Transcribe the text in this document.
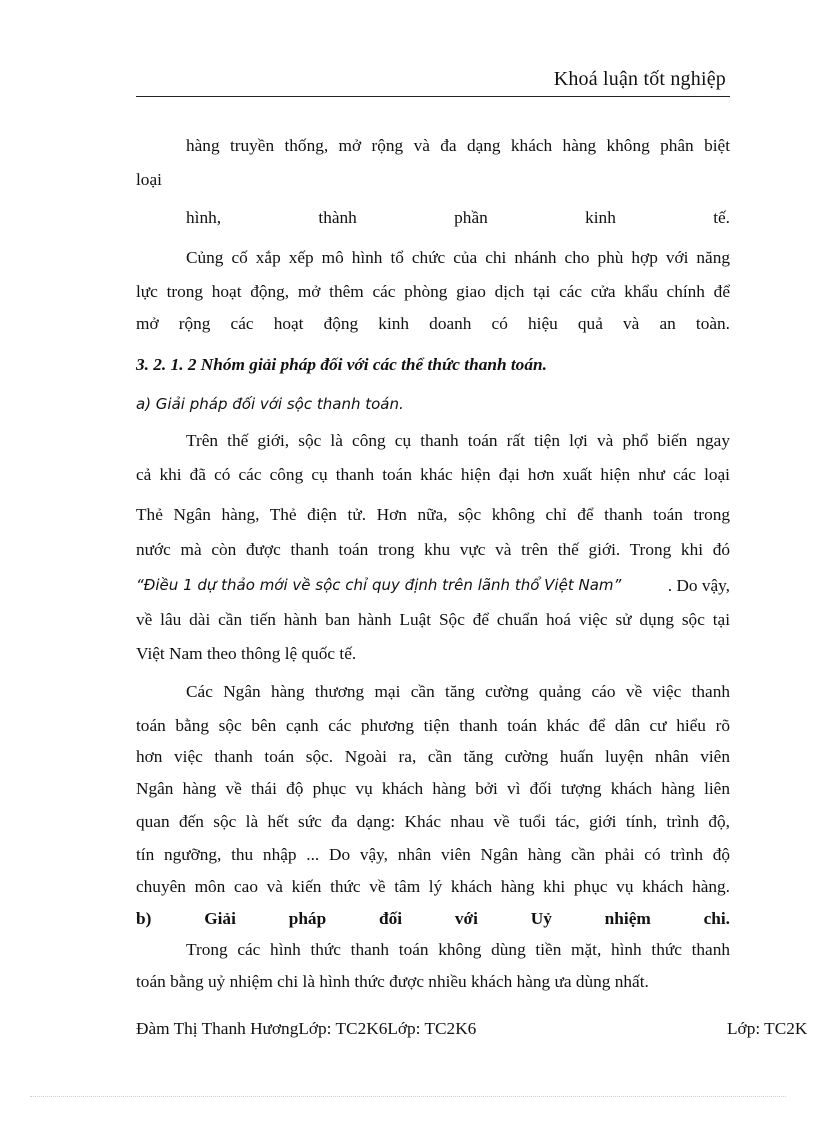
Khoá luận tốt nghiệp
hàng truyền thống, mở rộng và đa dạng khách hàng không phân biệt
loại
hình, thành phần kinh tế.
Củng cố xắp xếp mô hình tổ chức của chi nhánh cho phù hợp với năng
lực trong hoạt động, mở thêm các phòng giao dịch tại các cửa khẩu chính để
mở rộng các hoạt động kinh doanh có hiệu quả và an toàn.
3. 2. 1. 2 Nhóm giải pháp đối với các thể thức thanh toán.
a) Giải pháp đối với sộc thanh toán.
Trên thế giới, sộc là công cụ thanh toán rất tiện lợi và phổ biến ngay
cả khi đã có các công cụ thanh toán khác hiện đại hơn xuất hiện như các loại
Thẻ Ngân hàng, Thẻ điện tử. Hơn nữa, sộc không chỉ để thanh toán trong
nước mà còn được thanh toán trong khu vực và trên thế giới. Trong khi đó
“Điều 1 dự thảo mới về sộc chỉ quy định trên lãnh thổ Việt Nam”	. Do vậy,
về lâu dài cần tiến hành ban hành Luật Sộc để chuẩn hoá việc sử dụng sộc tại
Việt Nam theo thông lệ quốc tế.
Các Ngân hàng thương mại cần tăng cường quảng cáo về việc thanh
toán bằng sộc bên cạnh các phương tiện thanh toán khác để dân cư hiểu rõ
hơn việc thanh toán sộc. Ngoài ra, cần tăng cường huấn luyện nhân viên
Ngân hàng về thái độ phục vụ khách hàng bởi vì đối tượng khách hàng liên
quan đến sộc là hết sức đa dạng: Khác nhau về tuổi tác, giới tính, trình độ,
tín ngưỡng, thu nhập ... Do vậy, nhân viên Ngân hàng cần phải có trình độ
chuyên môn cao và kiến thức về tâm lý khách hàng khi phục vụ khách hàng.
b) Giải pháp đối với Uỷ nhiệm chi.
Trong các hình thức thanh toán không dùng tiền mặt, hình thức thanh
toán bằng uỷ nhiệm chi là hình thức được nhiều khách hàng ưa dùng nhất.
Đàm Thị Thanh HươngLớp: TC2K6Lớp: TC2K6	Lớp: TC2K
